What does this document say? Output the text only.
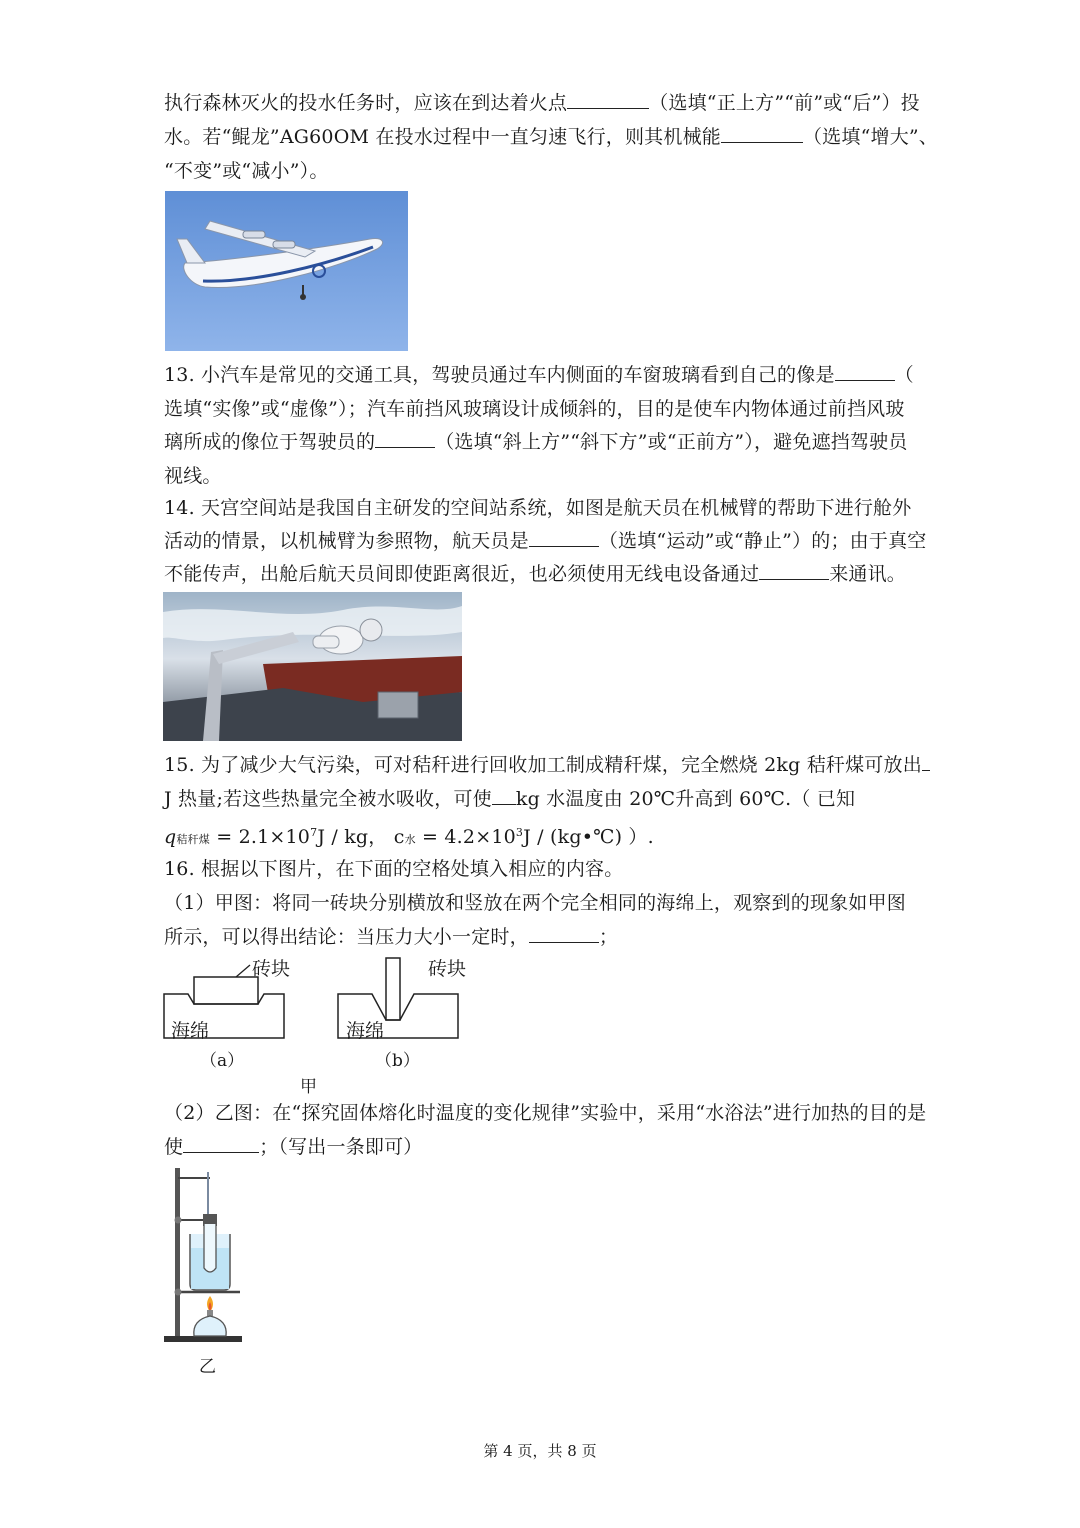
执行森林灭火的投水任务时，应该在到达着火点	（选填“正上方”“前”或“后”）投
水。若“鲲龙”AG60OM 在投水过程中一直匀速飞行，则其机械能	（选填“增大”、
“不变”或“减小”）。
13. 小汽车是常见的交通工具，驾驶员通过车内侧面的车窗玻璃看到自己的像是	（
选填“实像”或“虚像”）；汽车前挡风玻璃设计成倾斜的，目的是使车内物体通过前挡风玻
璃所成的像位于驾驶员的	（选填“斜上方”“斜下方”或“正前方”），避免遮挡驾驶员
视线。
14. 天宫空间站是我国自主研发的空间站系统，如图是航天员在机械臂的帮助下进行舱外
活动的情景，以机械臂为参照物，航天员是	（选填“运动”或“静止”）的；由于真空
不能传声，出舱后航天员间即使距离很近，也必须使用无线电设备通过	来通讯。
15. 为了减少大气污染，可对秸秆进行回收加工制成精秆煤，完全燃烧 2kg 秸秆煤可放出
J 热量;若这些热量完全被水吸收，可使 kg 水温度由 20℃升高到 60℃.（ 已知
q秸秆煤 = $2.1\times 10^7J$ / kg， c水 = $4.2\times 10^3J$ / (kg•℃) ）.
16. 根据以下图片，在下面的空格处填入相应的内容。
（1）甲图：将同一砖块分别横放和竖放在两个完全相同的海绵上，观察到的现象如甲图
所示，可以得出结论：当压力大小一定时，	；
砖块	砖块
海绵	海绵
（a）	（b）
甲
（2）乙图：在“探究固体熔化时温度的变化规律”实验中，采用“水浴法”进行加热的目的是
使	；（写出一条即可）
乙
第 4 页，共 8 页
